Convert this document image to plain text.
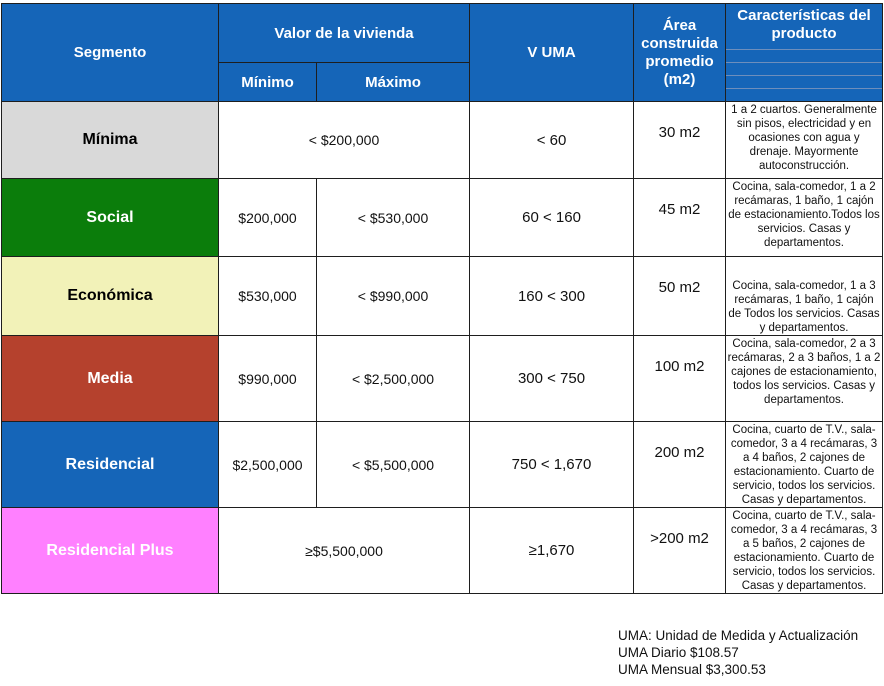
Segmento	Valor de la vivienda		V UMA	Área construida promedio (m2)	Características del producto

	Mínimo	Máximo			
Mínima	< $200,000		< 60	30 m2	1 a 2 cuartos. Generalmente sin pisos, electricidad y en ocasiones con agua y drenaje. Mayormente autoconstrucción.
Social	$200,000	< $530,000	60 < 160	45 m2	Cocina, sala-comedor, 1 a 2 recámaras, 1 baño, 1 cajón de estacionamiento.Todos los servicios. Casas y departamentos.
Económica	$530,000	< $990,000	160 < 300	50 m2	Cocina, sala-comedor, 1 a 3 recámaras, 1 baño, 1 cajón de Todos los servicios. Casas y departamentos.
Media	$990,000	< $2,500,000	300 < 750	100 m2	Cocina, sala-comedor, 2 a 3 recámaras, 2 a 3 baños, 1 a 2 cajones de estacionamiento, todos los servicios. Casas y departamentos.
Residencial	$2,500,000	< $5,500,000	750 < 1,670	200 m2	Cocina, cuarto de T.V., sala-comedor, 3 a 4 recámaras, 3 a 4 baños, 2 cajones de estacionamiento. Cuarto de servicio, todos los servicios. Casas y departamentos.
Residencial Plus	≥$5,500,000		≥1,670	>200 m2	Cocina, cuarto de T.V., sala-comedor, 3 a 4 recámaras, 3 a 5 baños, 2 cajones de estacionamiento. Cuarto de servicio, todos los servicios. Casas y departamentos.
UMA: Unidad de Medida y Actualización
UMA Diario $108.57
UMA Mensual $3,300.53
